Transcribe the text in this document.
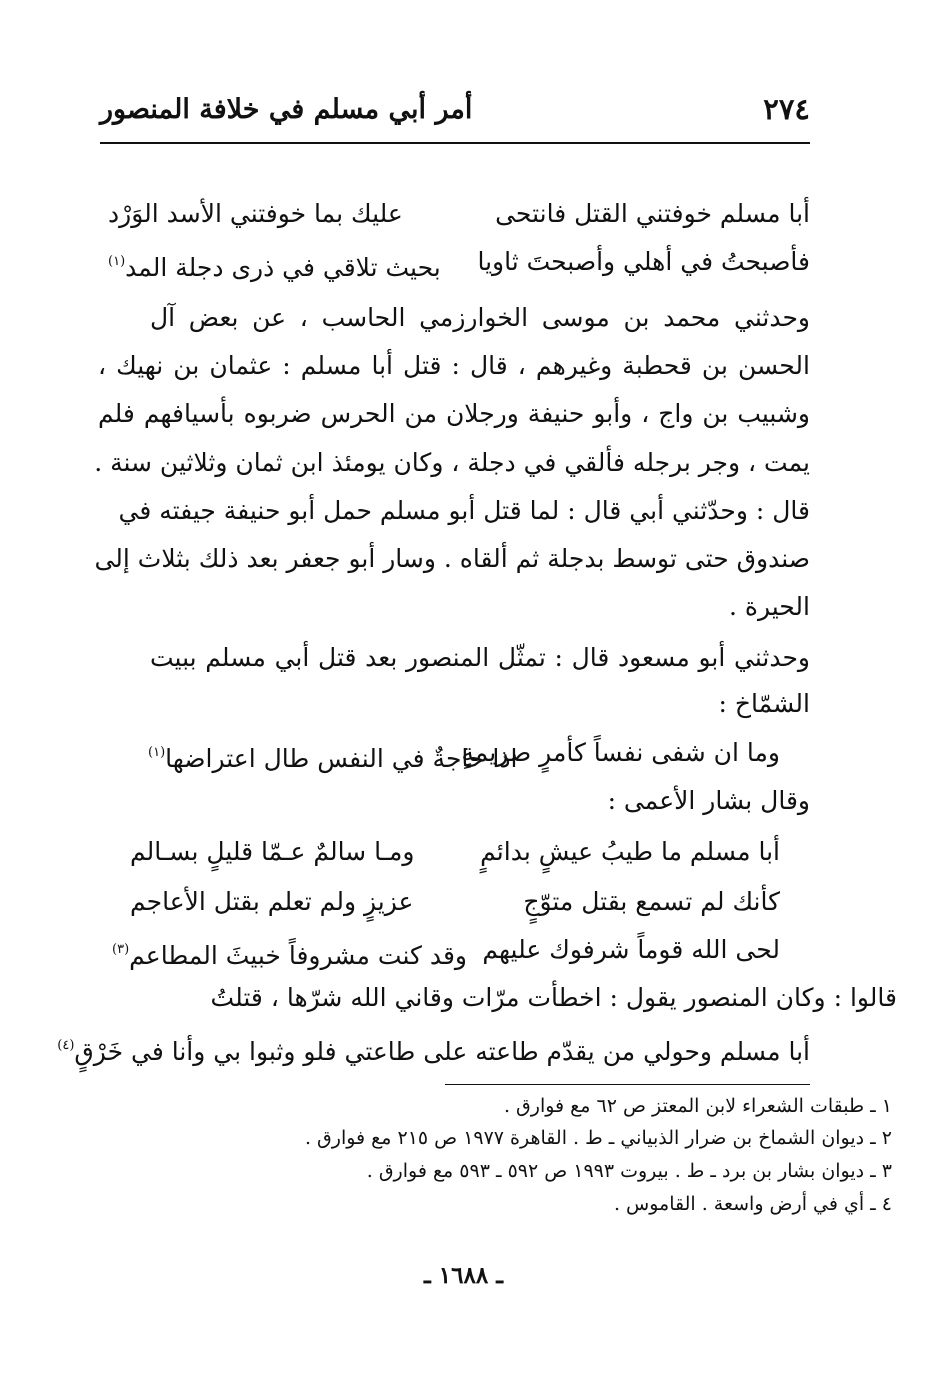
٢٧٤
أمر أبي مسلم في خلافة المنصور
أبا مسلم خوفتني القتل فانتحى
عليك بما خوفتني الأسد الوَرْد
فأصبحتُ في أهلي وأصبحتَ ثاويا
بحيث تلاقي في ذرى دجلة المد$^{(١)}$
وحدثني محمد بن موسى الخوارزمي الحاسب ، عن بعض آل
الحسن بن قحطبة وغيرهم ، قال : قتل أبا مسلم : عثمان بن نهيك ،
وشبيب بن واج ، وأبو حنيفة ورجلان من الحرس ضربوه بأسيافهم فلم
يمت ، وجر برجله فألقي في دجلة ، وكان يومئذ ابن ثمان وثلاثين سنة .
قال : وحدّثني أبي قال : لما قتل أبو مسلم حمل أبو حنيفة جيفته في
صندوق حتى توسط بدجلة ثم ألقاه . وسار أبو جعفر بعد ذلك بثلاث إلى
الحيرة .
وحدثني أبو مسعود قال : تمثّل المنصور بعد قتل أبي مسلم ببيت
الشمّاخ :
وما ان شفى نفساً كأمرٍ صريمةٍ
اذا حاجةٌ في النفس طال اعتراضها$^{(١)}$
وقال بشار الأعمى :
أبا مسلم ما طيبُ عيشٍ بدائمٍ
ومـا سالمٌ عـمّا قليلٍ بسـالم
كأنك لم تسمع بقتل متوّجٍ
عزيزٍ ولم تعلم بقتل الأعاجم
لحى الله قوماً شرفوك عليهم
وقد كنت مشروفاً خبيثَ المطاعم$^{(٣)}$
قالوا : وكان المنصور يقول : اخطأت مرّات وقاني الله شرّها ، قتلتُ
أبا مسلم وحولي من يقدّم طاعته على طاعتي فلو وثبوا بي وأنا في خَرْقٍ$^{(٤)}$
١ ـ طبقات الشعراء لابن المعتز ص ٦٢ مع فوارق .
٢ ـ ديوان الشماخ بن ضرار الذبياني ـ ط . القاهرة ١٩٧٧ ص ٢١٥ مع فوارق .
٣ ـ ديوان بشار بن برد ـ ط . بيروت ١٩٩٣ ص ٥٩٢ ـ ٥٩٣ مع فوارق .
٤ ـ أي في أرض واسعة . القاموس .
ـ ١٦٨٨ ـ
